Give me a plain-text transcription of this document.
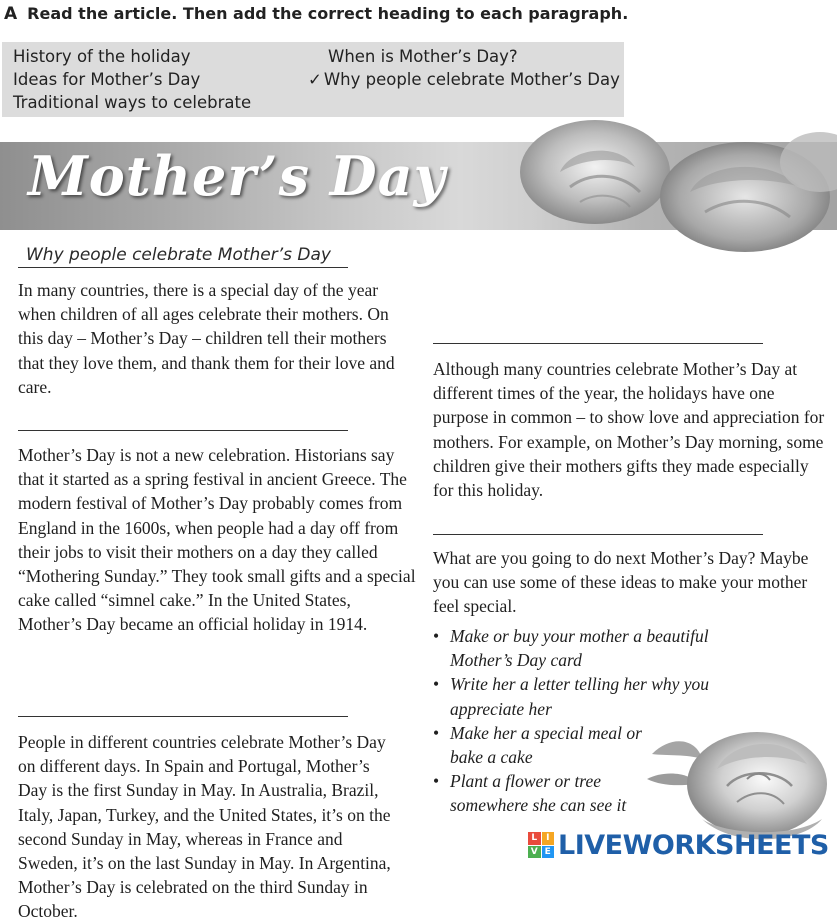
A Read the article. Then add the correct heading to each paragraph.
History of the holiday
Ideas for Mother’s Day
Traditional ways to celebrate
When is Mother’s Day?
✓ Why people celebrate Mother’s Day
Mother’s Day
Why people celebrate Mother’s Day

In many countries, there is a special day of the year when children of all ages celebrate their mothers. On this day – Mother’s Day – children tell their mothers that they love them, and thank them for their love and care.

Mother’s Day is not a new celebration. Historians say that it started as a spring festival in ancient Greece. The modern festival of Mother’s Day probably comes from England in the 1600s, when people had a day off from their jobs to visit their mothers on a day they called “Mothering Sunday.” They took small gifts and a special cake called “simnel cake.” In the United States, Mother’s Day became an official holiday in 1914.

People in different countries celebrate Mother’s Day on different days. In Spain and Portugal, Mother’s Day is the first Sunday in May. In Australia, Brazil, Italy, Japan, Turkey, and the United States, it’s on the second Sunday in May, whereas in France and Sweden, it’s on the last Sunday in May. In Argentina, Mother’s Day is celebrated on the third Sunday in October.

Although many countries celebrate Mother’s Day at different times of the year, the holidays have one purpose in common – to show love and appreciation for mothers. For example, on Mother’s Day morning, some children give their mothers gifts they made especially for this holiday.

What are you going to do next Mother’s Day? Maybe you can use some of these ideas to make your mother feel special.

• Make or buy your mother a beautiful Mother’s Day card
• Write her a letter telling her why you appreciate her
• Make her a special meal or bake a cake
• Plant a flower or tree somewhere she can see it
L I
V E LIVEWORKSHEETS
